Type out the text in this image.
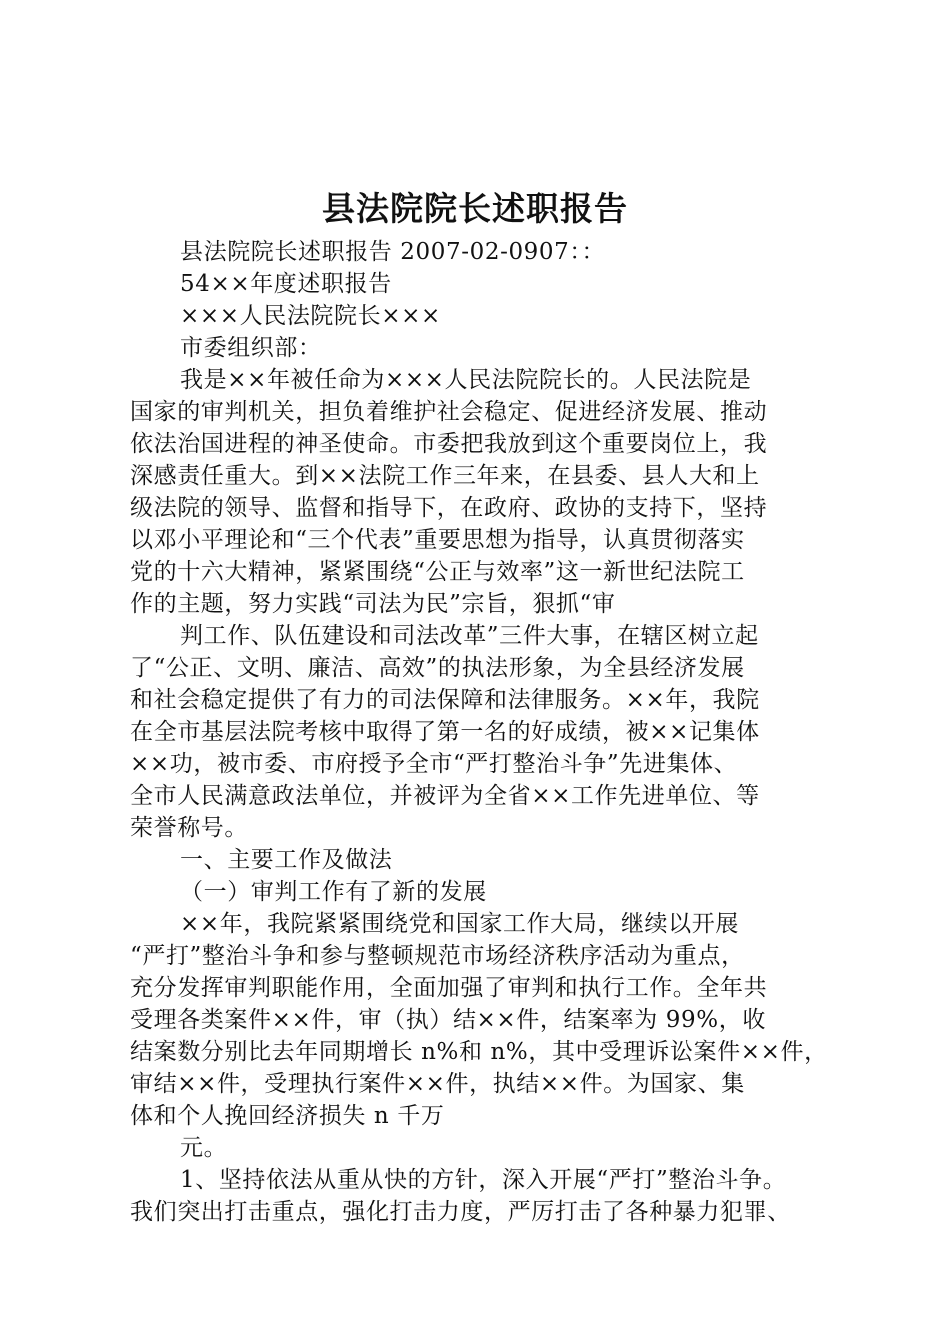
县法院院长述职报告
县法院院长述职报告 2007-02-0907：：
54××年度述职报告
×××人民法院院长×××
市委组织部：
我是××年被任命为×××人民法院院长的。人民法院是
国家的审判机关，担负着维护社会稳定、促进经济发展、推动
依法治国进程的神圣使命。市委把我放到这个重要岗位上，我
深感责任重大。到××法院工作三年来，在县委、县人大和上
级法院的领导、监督和指导下，在政府、政协的支持下，坚持
以邓小平理论和“三个代表”重要思想为指导，认真贯彻落实
党的十六大精神，紧紧围绕“公正与效率”这一新世纪法院工
作的主题，努力实践“司法为民”宗旨，狠抓“审
判工作、队伍建设和司法改革”三件大事，在辖区树立起
了“公正、文明、廉洁、高效”的执法形象，为全县经济发展
和社会稳定提供了有力的司法保障和法律服务。××年，我院
在全市基层法院考核中取得了第一名的好成绩，被××记集体
××功，被市委、市府授予全市“严打整治斗争”先进集体、
全市人民满意政法单位，并被评为全省××工作先进单位、等
荣誉称号。
一、主要工作及做法
（一）审判工作有了新的发展
××年，我院紧紧围绕党和国家工作大局，继续以开展
“严打”整治斗争和参与整顿规范市场经济秩序活动为重点，
充分发挥审判职能作用，全面加强了审判和执行工作。全年共
受理各类案件××件，审（执）结××件，结案率为 99%，收
结案数分别比去年同期增长 n%和 n%，其中受理诉讼案件××件，
审结××件，受理执行案件××件，执结××件。为国家、集
体和个人挽回经济损失 n 千万
元。
1、坚持依法从重从快的方针，深入开展“严打”整治斗争。
我们突出打击重点，强化打击力度，严厉打击了各种暴力犯罪、
